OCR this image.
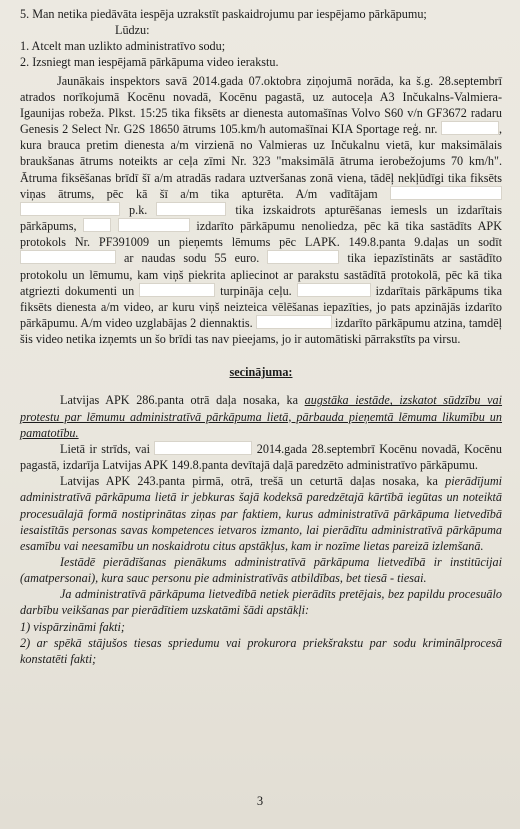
5. Man netika piedāvāta iespēja uzrakstīt paskaidrojumu par iespējamo pārkāpumu;

Lūdzu:

1. Atcelt man uzlikto administratīvo sodu;

2. Izsniegt man iespējamā pārkāpuma video ierakstu.

Jaunākais inspektors savā 2014.gada 07.oktobra ziņojumā norāda, ka š.g. 28.septembrī atrados norīkojumā Kocēnu novadā, Kocēnu pagastā, uz autoceļa A3 Inčukalns-Valmiera-Igaunijas robeža. Plkst. 15:25 tika fiksēts ar dienesta automašīnas Volvo S60 v/n GF3672 radaru Genesis 2 Select Nr. G2S 18650 ātrums 105.km/h automašīnai KIA Sportage reģ. nr.	, kura brauca pretim dienesta a/m virzienā no Valmieras uz Inčukalnu vietā, kur maksimālais braukšanas ātrums noteikts ar ceļa zīmi Nr. 323 "maksimālā ātruma ierobežojums 70 km/h". Ātruma fiksēšanas brīdī šī a/m atradās radara uztveršanas zonā viena, tādēļ nekļūdīgi tika fiksēts viņas ātrums, pēc kā šī a/m tika apturēta. A/m vadītājam   p.k.	tika izskaidrots apturēšanas iemesls un izdarītais pārkāpums,	izdarīto pārkāpumu nenoliedza, pēc kā tika sastādīts APK protokols Nr. PF391009 un pieņemts lēmums pēc LAPK. 149.8.panta 9.daļas un sodīt  ar naudas sodu 55 euro.	tika iepazīstināts ar sastādīto protokolu un lēmumu, kam viņš piekrita apliecinot ar parakstu sastādītā protokolā, pēc kā tika atgriezti dokumenti un	turpināja ceļu.	izdarītais pārkāpums tika fiksēts dienesta a/m video, ar kuru viņš neizteica vēlēšanas iepazīties, jo pats apzinājās izdarīto pārkāpumu. A/m video uzglabājas 2 diennaktis.	izdarīto pārkāpumu atzina, tamdēļ šis video netika izņemts un šo brīdi tas nav pieejams, jo ir automātiski pārrakstīts pa virsu.

secinājuma:

Latvijas APK 286.panta otrā daļa nosaka, ka augstāka iestāde, izskatot sūdzību vai protestu par lēmumu administratīvā pārkāpuma lietā, pārbauda pieņemtā lēmuma likumību un pamatotību.

Lietā ir strīds, vai	2014.gada 28.septembrī Kocēnu novadā, Kocēnu pagastā, izdarīja Latvijas APK 149.8.panta devītajā daļā paredzēto administratīvo pārkāpumu.

Latvijas APK 243.panta pirmā, otrā, trešā un ceturtā daļas nosaka, ka pierādījumi administratīvā pārkāpuma lietā ir jebkuras šajā kodeksā paredzētajā kārtībā iegūtas un noteiktā procesuālajā formā nostiprinātas ziņas par faktiem, kurus administratīvā pārkāpuma lietvedībā iesaistītās personas savas kompetences ietvaros izmanto, lai pierādītu administratīvā pārkāpuma esamību vai neesamību un noskaidrotu citus apstākļus, kam ir nozīme lietas pareizā izlemšanā.

Iestādē pierādīšanas pienākums administratīvā pārkāpuma lietvedībā ir institūcijai (amatpersonai), kura sauc personu pie administratīvās atbildības, bet tiesā - tiesai.

Ja administratīvā pārkāpuma lietvedībā netiek pierādīts pretējais, bez papildu procesuālo darbību veikšanas par pierādītiem uzskatāmi šādi apstākļi:

1) vispārzināmi fakti;

2) ar spēkā stājušos tiesas spriedumu vai prokurora priekšrakstu par sodu kriminālprocesā konstatēti fakti;

3
